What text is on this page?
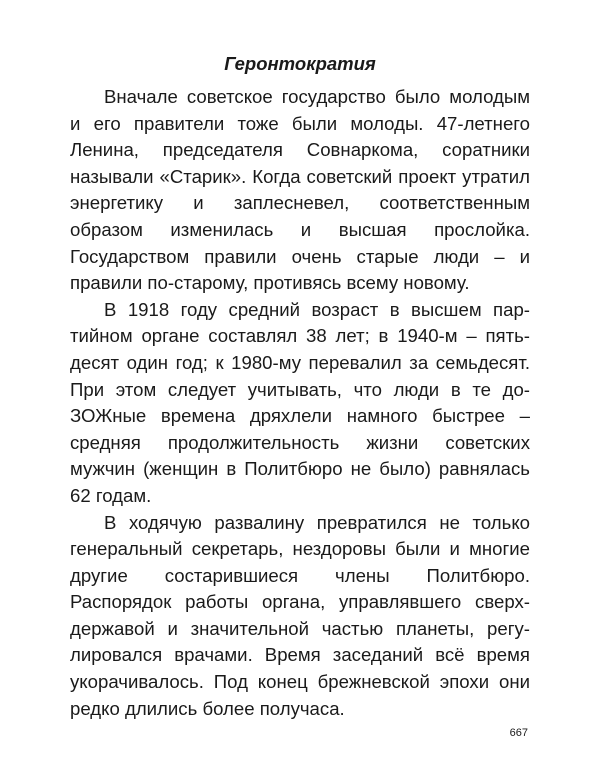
Геронтократия

Вначале советское государство было молодым и его правители тоже были молоды. 47-летнего Ленина, председателя Совнаркома, соратники называли «Старик». Когда советский проект утратил энергетику и заплесневел, соответственным образом изменилась и высшая прослойка. Государством правили очень старые люди – и правили по-старому, противясь всему новому.

В 1918 году средний возраст в высшем партийном органе составлял 38 лет; в 1940-м – пятьдесят один год; к 1980-му перевалил за семьдесят. При этом следует учитывать, что люди в те до-ЗОЖные времена дряхлели намного быстрее – средняя продолжительность жизни советских мужчин (женщин в Политбюро не было) равнялась 62 годам.

В ходячую развалину превратился не только генеральный секретарь, нездоровы были и многие другие состарившиеся члены Политбюро. Распорядок работы органа, управлявшего сверхдержавой и значительной частью планеты, регулировался врачами. Время заседаний всё время укорачивалось. Под конец брежневской эпохи они редко длились более получаса.

667
